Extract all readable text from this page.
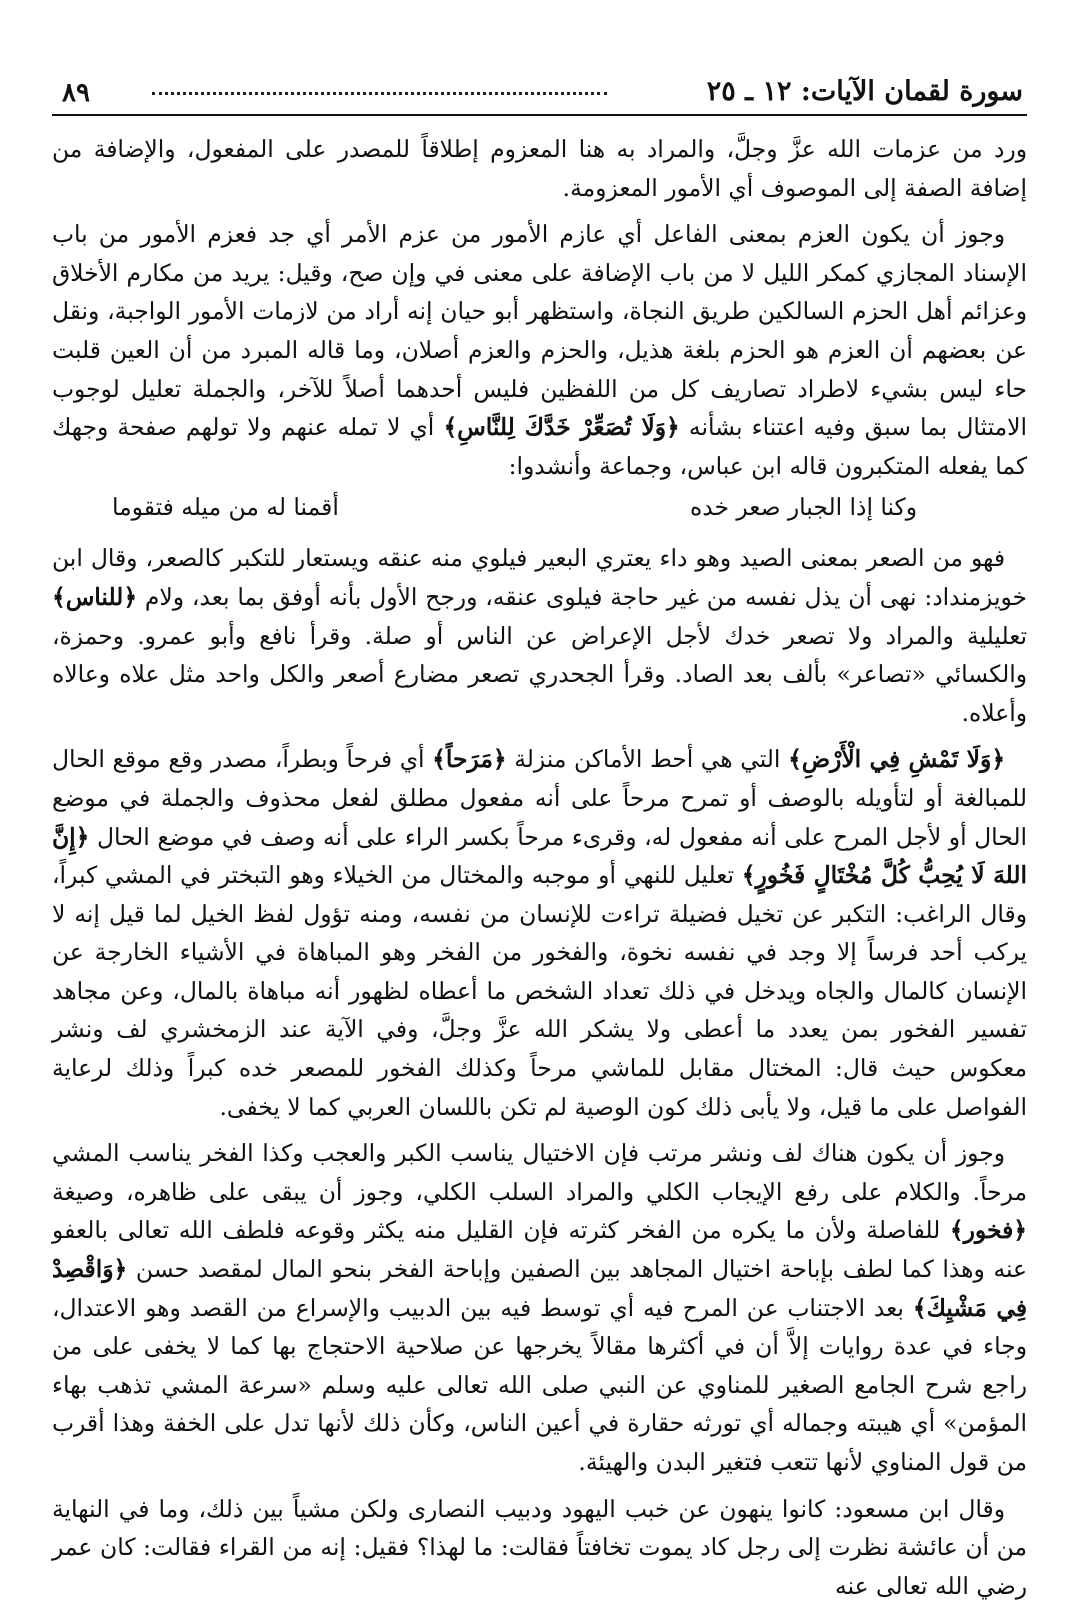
سورة لقمان الآيات: ١٢ ـ ٢٥
٨٩

ورد من عزمات الله عزَّ وجلَّ، والمراد به هنا المعزوم إطلاقاً للمصدر على المفعول، والإضافة من إضافة الصفة إلى الموصوف أي الأمور المعزومة.

وجوز أن يكون العزم بمعنى الفاعل أي عازم الأمور من عزم الأمر أي جد فعزم الأمور من باب الإسناد المجازي كمكر الليل لا من باب الإضافة على معنى في وإن صح، وقيل: يريد من مكارم الأخلاق وعزائم أهل الحزم السالكين طريق النجاة، واستظهر أبو حيان إنه أراد من لازمات الأمور الواجبة، ونقل عن بعضهم أن العزم هو الحزم بلغة هذيل، والحزم والعزم أصلان، وما قاله المبرد من أن العين قلبت حاء ليس بشيء لاطراد تصاريف كل من اللفظين فليس أحدهما أصلاً للآخر، والجملة تعليل لوجوب الامتثال بما سبق وفيه اعتناء بشأنه ﴿وَلَا تُصَعِّرْ خَدَّكَ لِلنَّاسِ﴾ أي لا تمله عنهم ولا تولهم صفحة وجهك كما يفعله المتكبرون قاله ابن عباس، وجماعة وأنشدوا:

وكنا إذا الجبار صعر خده
أقمنا له من ميله فتقوما

فهو من الصعر بمعنى الصيد وهو داء يعتري البعير فيلوي منه عنقه ويستعار للتكبر كالصعر، وقال ابن خويزمنداد: نهى أن يذل نفسه من غير حاجة فيلوى عنقه، ورجح الأول بأنه أوفق بما بعد، ولام ﴿للناس﴾ تعليلية والمراد ولا تصعر خدك لأجل الإعراض عن الناس أو صلة. وقرأ نافع وأبو عمرو. وحمزة، والكسائي «تصاعر» بألف بعد الصاد. وقرأ الجحدري تصعر مضارع أصعر والكل واحد مثل علاه وعالاه وأعلاه.

﴿وَلَا تَمْشِ فِي الْأَرْضِ﴾ التي هي أحط الأماكن منزلة ﴿مَرَحاً﴾ أي فرحاً وبطراً، مصدر وقع موقع الحال للمبالغة أو لتأويله بالوصف أو تمرح مرحاً على أنه مفعول مطلق لفعل محذوف والجملة في موضع الحال أو لأجل المرح على أنه مفعول له، وقرىء مرحاً بكسر الراء على أنه وصف في موضع الحال ﴿إِنَّ اللهَ لَا يُحِبُّ كُلَّ مُخْتَالٍ فَخُورٍ﴾ تعليل للنهي أو موجبه والمختال من الخيلاء وهو التبختر في المشي كبراً، وقال الراغب: التكبر عن تخيل فضيلة تراءت للإنسان من نفسه، ومنه تؤول لفظ الخيل لما قيل إنه لا يركب أحد فرساً إلا وجد في نفسه نخوة، والفخور من الفخر وهو المباهاة في الأشياء الخارجة عن الإنسان كالمال والجاه ويدخل في ذلك تعداد الشخص ما أعطاه لظهور أنه مباهاة بالمال، وعن مجاهد تفسير الفخور بمن يعدد ما أعطى ولا يشكر الله عزَّ وجلَّ، وفي الآية عند الزمخشري لف ونشر معكوس حيث قال: المختال مقابل للماشي مرحاً وكذلك الفخور للمصعر خده كبراً وذلك لرعاية الفواصل على ما قيل، ولا يأبى ذلك كون الوصية لم تكن باللسان العربي كما لا يخفى.

وجوز أن يكون هناك لف ونشر مرتب فإن الاختيال يناسب الكبر والعجب وكذا الفخر يناسب المشي مرحاً. والكلام على رفع الإيجاب الكلي والمراد السلب الكلي، وجوز أن يبقى على ظاهره، وصيغة ﴿فخور﴾ للفاصلة ولأن ما يكره من الفخر كثرته فإن القليل منه يكثر وقوعه فلطف الله تعالى بالعفو عنه وهذا كما لطف بإباحة اختيال المجاهد بين الصفين وإباحة الفخر بنحو المال لمقصد حسن ﴿وَاقْصِدْ فِي مَشْيِكَ﴾ بعد الاجتناب عن المرح فيه أي توسط فيه بين الدبيب والإسراع من القصد وهو الاعتدال، وجاء في عدة روايات إلاَّ أن في أكثرها مقالاً يخرجها عن صلاحية الاحتجاج بها كما لا يخفى على من راجع شرح الجامع الصغير للمناوي عن النبي صلى الله تعالى عليه وسلم «سرعة المشي تذهب بهاء المؤمن» أي هيبته وجماله أي تورثه حقارة في أعين الناس، وكأن ذلك لأنها تدل على الخفة وهذا أقرب من قول المناوي لأنها تتعب فتغير البدن والهيئة.

وقال ابن مسعود: كانوا ينهون عن خبب اليهود ودبيب النصارى ولكن مشياً بين ذلك، وما في النهاية من أن عائشة نظرت إلى رجل كاد يموت تخافتاً فقالت: ما لهذا؟ فقيل: إنه من القراء فقالت: كان عمر رضي الله تعالى عنه
